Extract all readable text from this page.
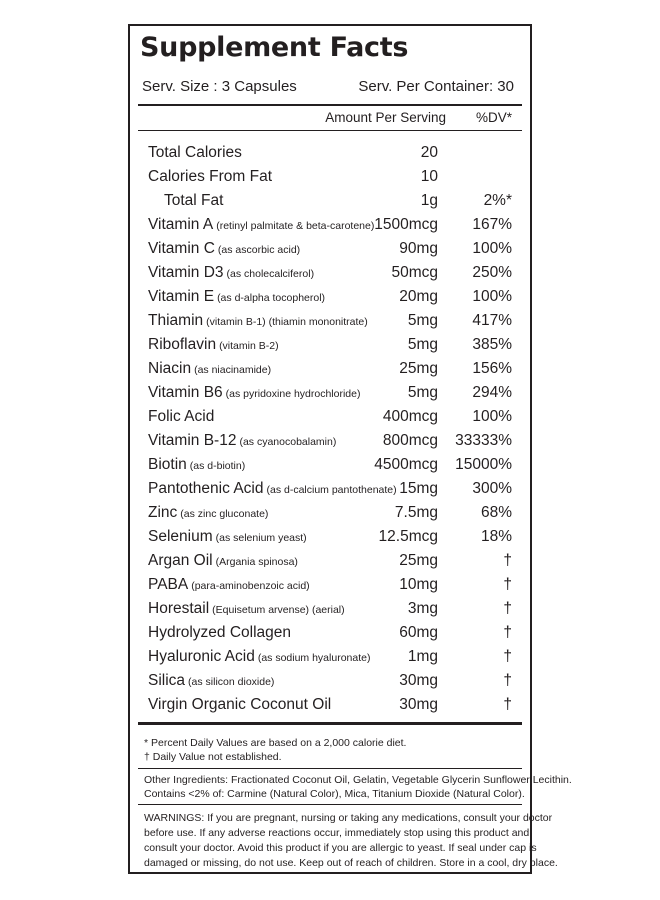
Supplement Facts
Serv. Size : 3 Capsules	Serv. Per Container: 30
Amount Per Serving %DV*
Total Calories	20
Calories From Fat	10
Total Fat	1g	2%*
Vitamin A (retinyl palmitate & beta-carotene) 1500mcg 167%
Vitamin C (as ascorbic acid)	90mg 100%
Vitamin D3 (as cholecalciferol)	50mcg 250%
Vitamin E (as d-alpha tocopherol)	20mg 100%
Thiamin (vitamin B-1) (thiamin mononitrate)	5mg 417%
Riboflavin (vitamin B-2)	5mg 385%
Niacin (as niacinamide)	25mg 156%
Vitamin B6 (as pyridoxine hydrochloride)	5mg 294%
Folic Acid	400mcg 100%
Vitamin B-12 (as cyanocobalamin)	800mcg 33333%
Biotin (as d-biotin)	4500mcg 15000%
Pantothenic Acid (as d-calcium pantothenate) 15mg 300%
Zinc (as zinc gluconate)	7.5mg	68%
Selenium (as selenium yeast)	12.5mcg	18%
Argan Oil (Argania spinosa)	25mg	†
PABA (para-aminobenzoic acid)	10mg	†
Horestail (Equisetum arvense) (aerial)	3mg	†
Hydrolyzed Collagen	60mg	†
Hyaluronic Acid (as sodium hyaluronate) 1mg	†
Silica (as silicon dioxide)	30mg	†
Virgin Organic Coconut Oil	30mg	†
* Percent Daily Values are based on a 2,000 calorie diet.
† Daily Value not established.
Other Ingredients: Fractionated Coconut Oil, Gelatin, Vegetable Glycerin Sunflower Lecithin.
Contains <2% of: Carmine (Natural Color), Mica, Titanium Dioxide (Natural Color).
WARNINGS: If you are pregnant, nursing or taking any medications, consult your doctor
before use. If any adverse reactions occur, immediately stop using this product and
consult your doctor. Avoid this product if you are allergic to yeast. If seal under cap is
damaged or missing, do not use. Keep out of reach of children. Store in a cool, dry place.
